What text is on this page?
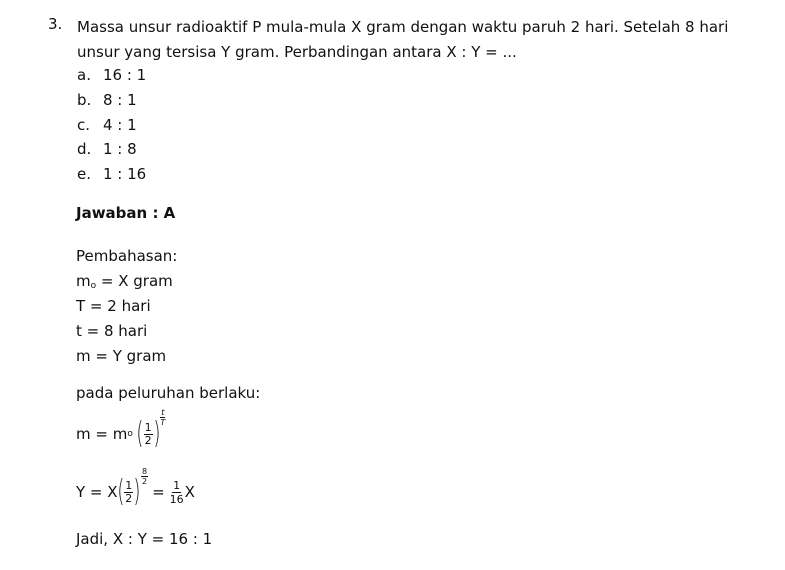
3. Massa unsur radioaktif P mula-mula X gram dengan waktu paruh 2 hari. Setelah 8 hari unsur yang tersisa Y gram. Perbandingan antara X : Y = ...
a. 16 : 1
b. 8 : 1
c. 4 : 1
d. 1 : 8
e. 1 : 16
Jawaban : A
Pembahasan:
$m_o = X$ gram
T = 2 hari
t = 8 hari
m = Y gram
pada peluruhan berlaku:
m = m o ( $\frac{1}{2}$ ) $\frac{t}{T}$
Y = X ( $\frac{1}{2}$ ) $\frac{8}{2}$
= $\frac{1}{16}$ X
Jadi, X : Y = 16 : 1
